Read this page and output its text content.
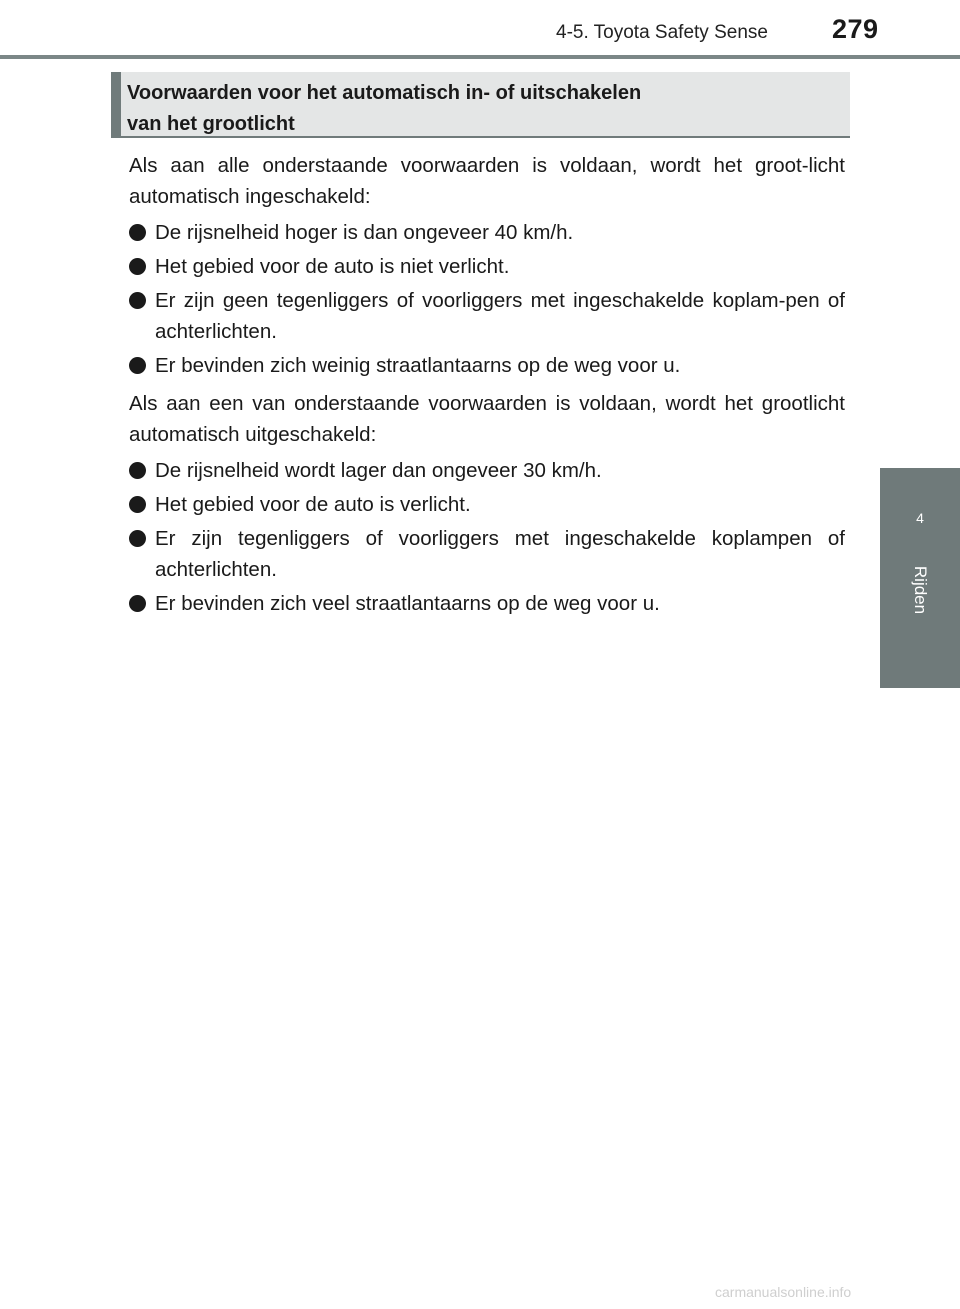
4-5. Toyota Safety Sense 279
4
Rijden
Voorwaarden voor het automatisch in- of uitschakelen
van het grootlicht

Als aan alle onderstaande voorwaarden is voldaan, wordt het groot-licht automatisch ingeschakeld:

De rijsnelheid hoger is dan ongeveer 40 km/h.
Het gebied voor de auto is niet verlicht.
Er zijn geen tegenliggers of voorliggers met ingeschakelde koplam-pen of achterlichten.
Er bevinden zich weinig straatlantaarns op de weg voor u.

Als aan een van onderstaande voorwaarden is voldaan, wordt het grootlicht automatisch uitgeschakeld:

De rijsnelheid wordt lager dan ongeveer 30 km/h.
Het gebied voor de auto is verlicht.
Er zijn tegenliggers of voorliggers met ingeschakelde koplampen of achterlichten.
Er bevinden zich veel straatlantaarns op de weg voor u.
carmanualsonline.info
